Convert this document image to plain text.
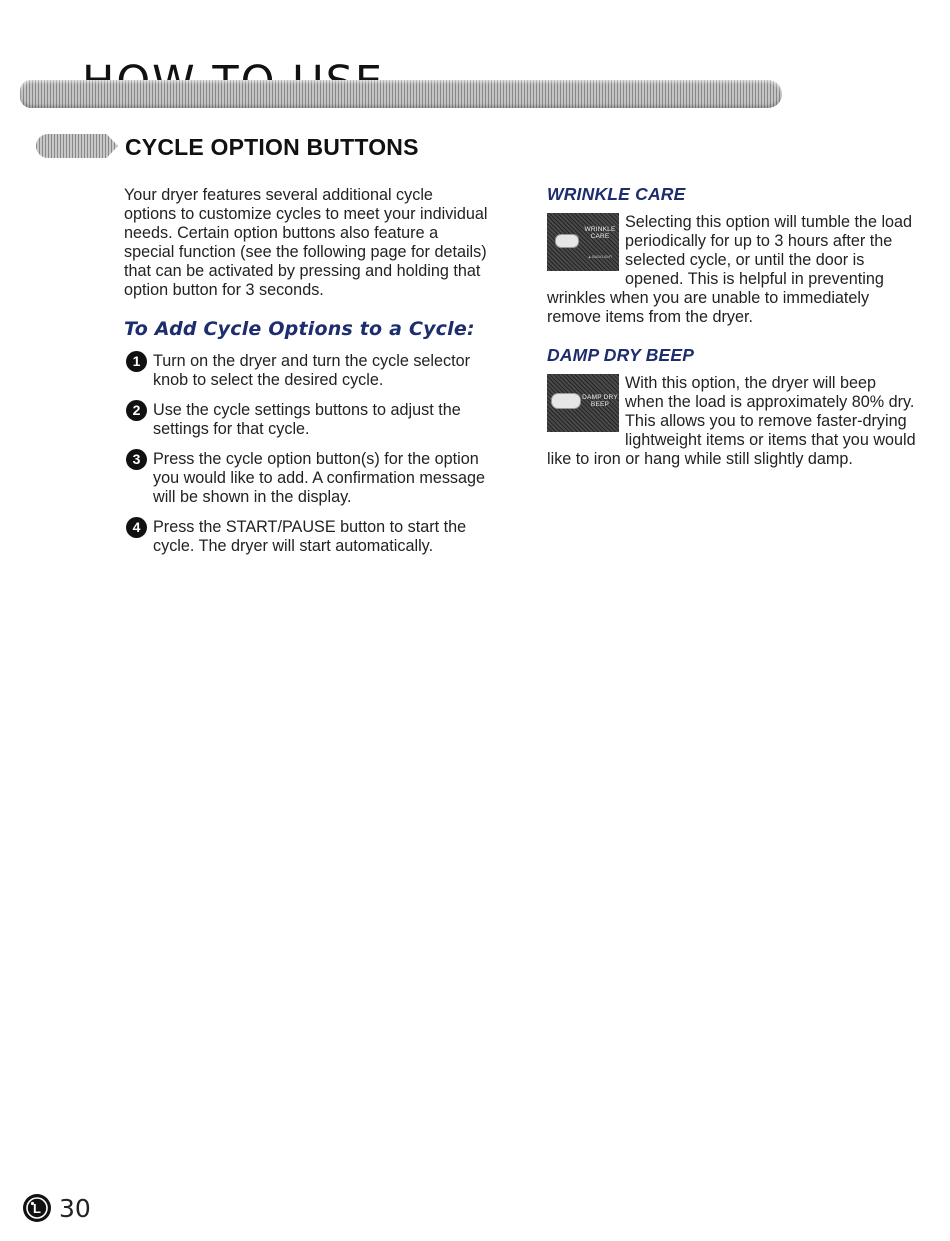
CYCLE OPTION BUTTONS

Your dryer features several additional cycle options to customize cycles to meet your individual needs. Certain option buttons also feature a special function (see the following page for details) that can be activated by pressing and holding that option button for 3 seconds.

To Add Cycle Options to a Cycle:
1 Turn on the dryer and turn the cycle selector knob to select the desired cycle.
2 Use the cycle settings buttons to adjust the settings for that cycle.
3 Press the cycle option button(s) for the option you would like to add. A confirmation message will be shown in the display.
4 Press the START/PAUSE button to start the cycle. The dryer will start automatically.
WRINKLE CARE
WRINKLE CARE
▲ BACKLIGHT
Selecting this option will tumble the load periodically for up to 3 hours after the selected cycle, or until the door is opened. This is helpful in preventing wrinkles when you are unable to immediately remove items from the dryer.
DAMP DRY BEEP
DAMP DRY BEEP
With this option, the dryer will beep when the load is approximately 80% dry. This allows you to remove faster-drying lightweight items or items that you would like to iron or hang while still slightly damp.
L 30
